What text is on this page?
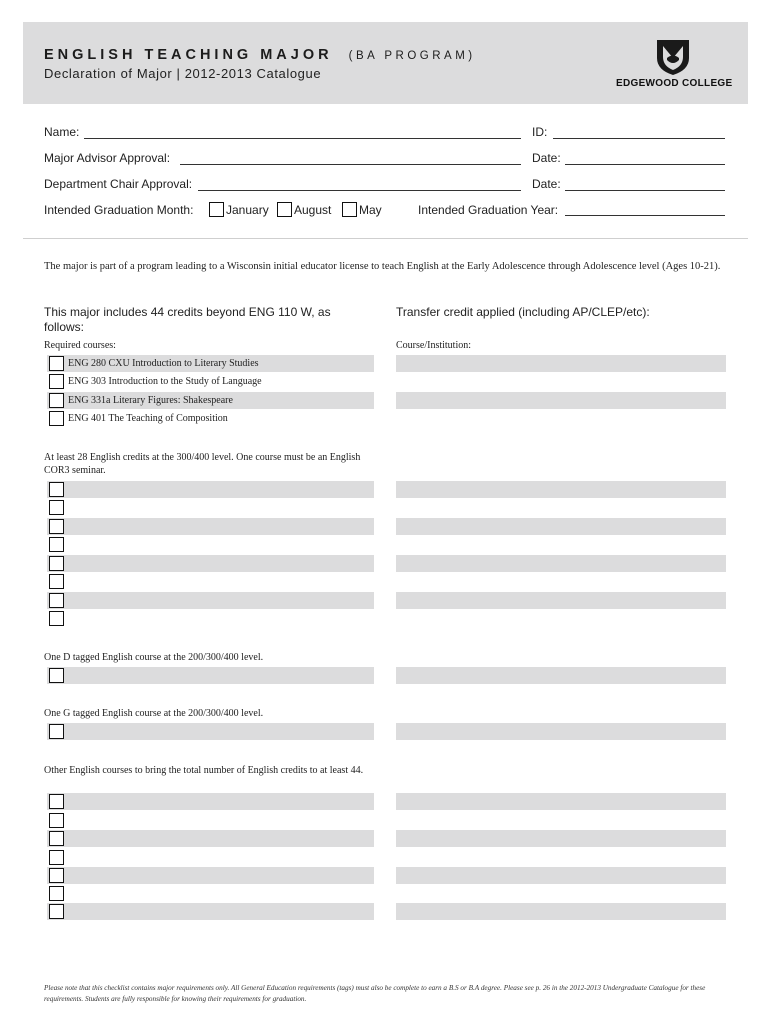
ENGLISH TEACHING MAJOR (BA PROGRAM)
Declaration of Major | 2012-2013 Catalogue
EDGEWOOD COLLEGE
Name:	ID:
Major Advisor Approval:	Date:
Department Chair Approval:	Date:
Intended Graduation Month:	January August May	Intended Graduation Year:
The major is part of a program leading to a Wisconsin initial educator license to teach English at the Early Adolescence through Adolescence level (Ages 10-21).
This major includes 44 credits beyond ENG 110 W, as follows:
Transfer credit applied (including AP/CLEP/etc):
Required courses:	Course/Institution:
ENG 280 CXU Introduction to Literary Studies
ENG 303 Introduction to the Study of Language
ENG 331a Literary Figures: Shakespeare
ENG 401 The Teaching of Composition
At least 28 English credits at the 300/400 level. One course must be an English COR3 seminar.
One D tagged English course at the 200/300/400 level.
One G tagged English course at the 200/300/400 level.
Other English courses to bring the total number of English credits to at least 44.
Please note that this checklist contains major requirements only. All General Education requirements (tags) must also be complete to earn a B.S or B.A degree. Please see p. 26 in the 2012-2013 Undergraduate Catalogue for these requirements. Students are fully responsible for knowing their requirements for graduation.
